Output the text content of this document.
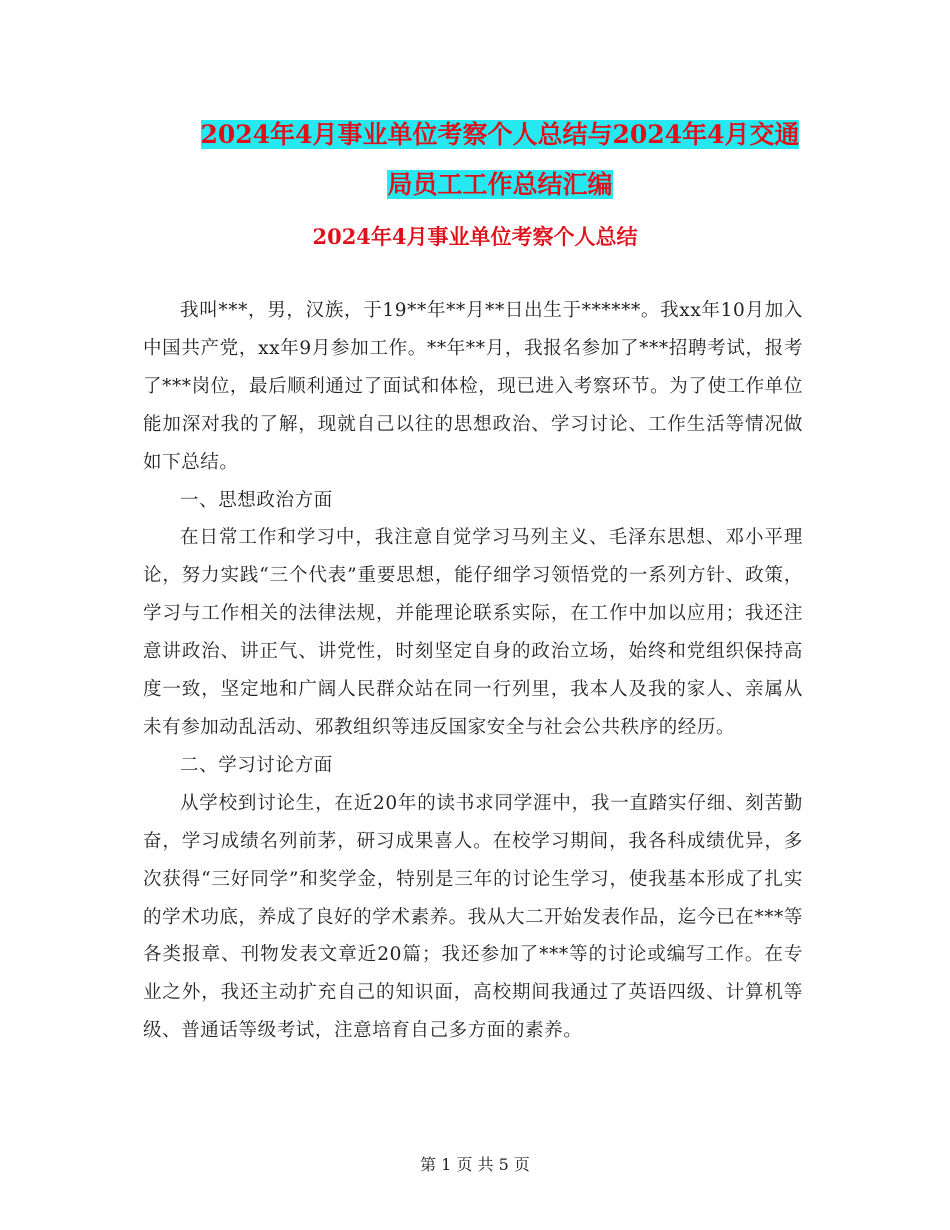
2024年4月事业单位考察个人总结与2024年4月交通
局员工工作总结汇编
2024年4月事业单位考察个人总结

我叫***，男，汉族，于19**年**月**日出生于******。我xx年10月加入中国共产党，xx年9月参加工作。**年**月，我报名参加了***招聘考试，报考了***岗位，最后顺利通过了面试和体检，现已进入考察环节。为了使工作单位能加深对我的了解，现就自己以往的思想政治、学习讨论、工作生活等情况做如下总结。

一、思想政治方面

在日常工作和学习中，我注意自觉学习马列主义、毛泽东思想、邓小平理论，努力实践“三个代表”重要思想，能仔细学习领悟党的一系列方针、政策，学习与工作相关的法律法规，并能理论联系实际，在工作中加以应用；我还注意讲政治、讲正气、讲党性，时刻坚定自身的政治立场，始终和党组织保持高度一致，坚定地和广阔人民群众站在同一行列里，我本人及我的家人、亲属从未有参加动乱活动、邪教组织等违反国家安全与社会公共秩序的经历。

二、学习讨论方面

从学校到讨论生，在近20年的读书求同学涯中，我一直踏实仔细、刻苦勤奋，学习成绩名列前茅，研习成果喜人。在校学习期间，我各科成绩优异，多次获得“三好同学”和奖学金，特别是三年的讨论生学习，使我基本形成了扎实的学术功底，养成了良好的学术素养。我从大二开始发表作品，迄今已在***等各类报章、刊物发表文章近20篇；我还参加了***等的讨论或编写工作。在专业之外，我还主动扩充自己的知识面，高校期间我通过了英语四级、计算机等级、普通话等级考试，注意培育自己多方面的素养。

第 1 页 共 5 页
